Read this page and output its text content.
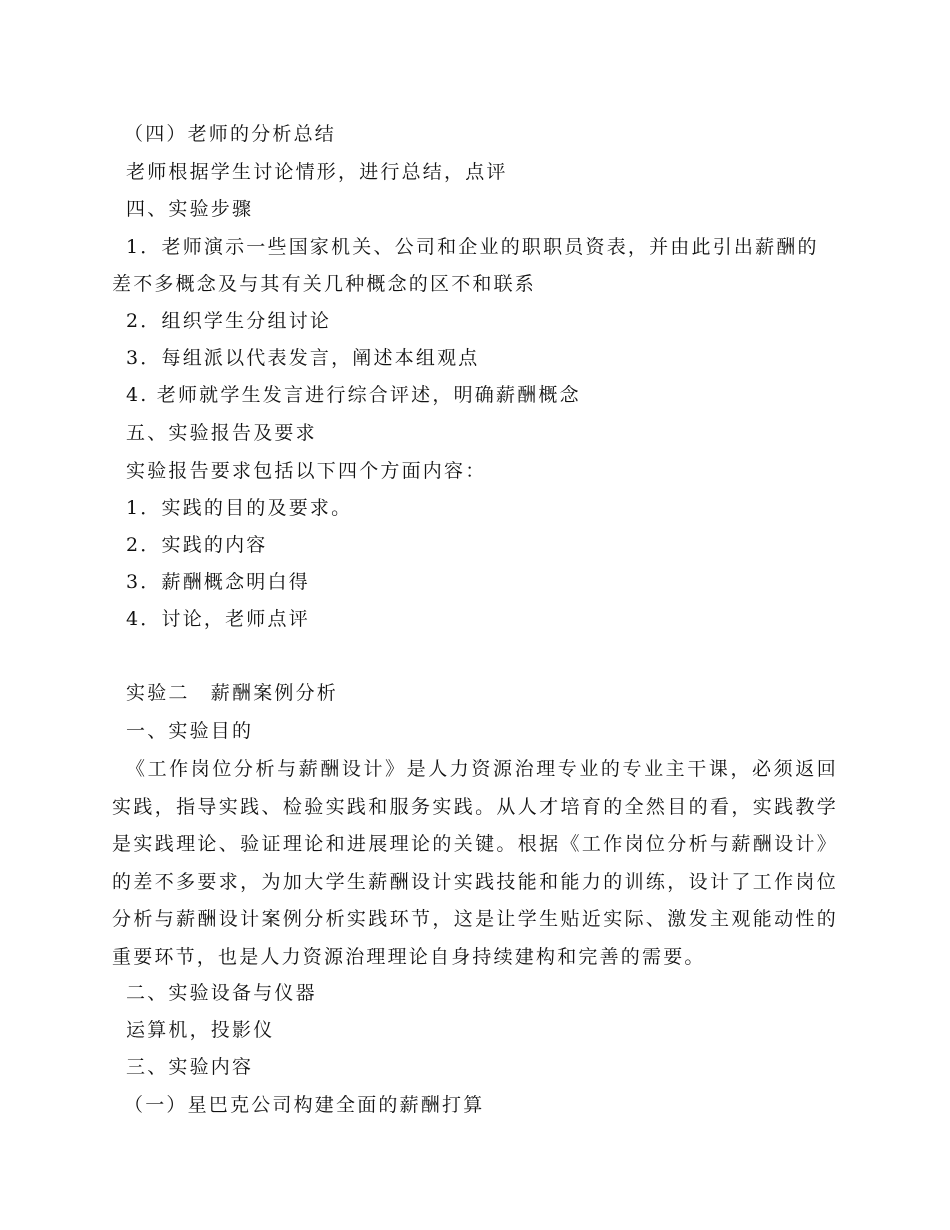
（四）老师的分析总结
老师根据学生讨论情形，进行总结，点评
四、实验步骤
1．老师演示一些国家机关、公司和企业的职职员资表，并由此引出薪酬的
差不多概念及与其有关几种概念的区不和联系
2．组织学生分组讨论
3．每组派以代表发言，阐述本组观点
4. 老师就学生发言进行综合评述，明确薪酬概念
五、实验报告及要求
实验报告要求包括以下四个方面内容：
1．实践的目的及要求。
2．实践的内容
3．薪酬概念明白得
4．讨论，老师点评
实验二　薪酬案例分析
一、实验目的
《工作岗位分析与薪酬设计》是人力资源治理专业的专业主干课，必须返回实践，指导实践、检验实践和服务实践。从人才培育的全然目的看，实践教学是实践理论、验证理论和进展理论的关键。根据《工作岗位分析与薪酬设计》的差不多要求，为加大学生薪酬设计实践技能和能力的训练，设计了工作岗位分析与薪酬设计案例分析实践环节，这是让学生贴近实际、激发主观能动性的重要环节，也是人力资源治理理论自身持续建构和完善的需要。
二、实验设备与仪器
运算机，投影仪
三、实验内容
（一）星巴克公司构建全面的薪酬打算
